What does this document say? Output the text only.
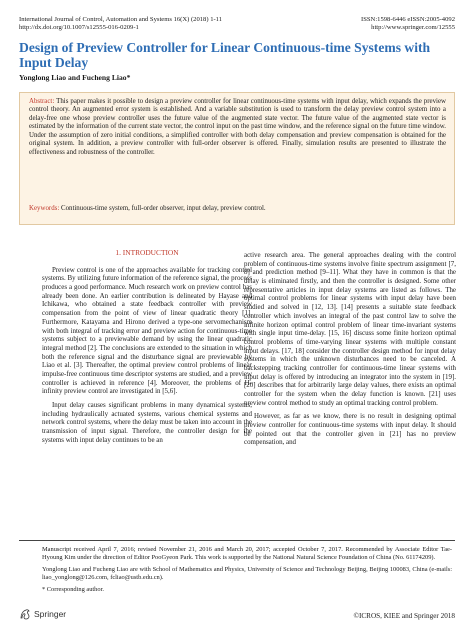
International Journal of Control, Automation and Systems 16(X) (2018) 1-11
http://dx.doi.org/10.1007/s12555-016-0209-1
ISSN:1598-6446 eISSN:2005-4092
http://www.springer.com/12555
Design of Preview Controller for Linear Continuous-time Systems with Input Delay
Yonglong Liao and Fucheng Liao*

Abstract: This paper makes it possible to design a preview controller for linear continuous-time systems with input delay, which expands the preview control theory. An augmented error system is established. And a variable substitution is used to transform the delay preview control system into a delay-free one whose preview controller uses the future value of the augmented state vector. The future value of the augmented state vector is estimated by the information of the current state vector, the control input on the past time window, and the reference signal on the future time window. Under the assumption of zero initial conditions, a simplified controller with both delay compensation and preview compensation is obtained for the original system. In addition, a preview controller with full-order observer is offered. Finally, simulation results are presented to illustrate the effectiveness and robustness of the controller.

Keywords: Continuous-time system, full-order observer, input delay, preview control.

1. INTRODUCTION

Preview control is one of the approaches available for tracking control systems. By utilizing future information of the reference signal, the process produces a good performance. Much research work on preview control has already been done. An earlier contribution is delineated by Hayase and Ichikawa, who obtained a state feedback controller with preview compensation from the point of view of linear quadratic theory [1]. Furthermore, Katayama and Hirono derived a type-one servomechanism with both integral of tracking error and preview action for continuous-time systems subject to a previewable demand by using the linear quadratic integral method [2]. The conclusions are extended to the situation in which both the reference signal and the disturbance signal are previewable by Liao et al. [3]. Thereafter, the optimal preview control problems of linear impulse-free continuous time descriptor systems are studied, and a preview controller is achieved in reference [4]. Moreover, the problems of H-infinity preview control are investigated in [5,6].

Input delay causes significant problems in many dynamical systems, including hydraulically actuated systems, various chemical systems and network control systems, where the delay must be taken into account in the transmission of input signal. Therefore, the controller design for the systems with input delay continues to be an

active research area. The general approaches dealing with the control problem of continuous-time systems involve finite spectrum assignment [7, 8] and prediction method [9–11]. What they have in common is that the delay is eliminated firstly, and then the controller is designed. Some other representative articles in input delay systems are listed as follows. The optimal control problems for linear systems with input delay have been studied and solved in [12, 13]. [14] presents a suitable state feedback controller which involves an integral of the past control law to solve the infinite horizon optimal control problem of linear time-invariant systems with single input time-delay. [15, 16] discuss some finite horizon optimal control problems of time-varying linear systems with multiple constant input delays. [17, 18] consider the controller design method for input delay systems in which the unknown disturbances need to be canceled. A backstepping tracking controller for continuous-time linear systems with input delay is offered by introducing an integrator into the system in [19]. [20] describes that for arbitrarily large delay values, there exists an optimal controller for the system when the delay function is known. [21] uses preview control method to study an optimal tracking control problem.

However, as far as we know, there is no result in designing optimal preview controller for continuous-time systems with input delay. It should be pointed out that the controller given in [21] has no preview compensation, and

Manuscript received April 7, 2016; revised November 21, 2016 and March 20, 2017; accepted October 7, 2017. Recommended by Associate Editor Tae-Hyoung Kim under the direction of Editor PooGyeon Park. This work is supported by the National Natural Science Foundation of China (No. 61174209).

Yonglong Liao and Fucheng Liao are with School of Mathematics and Physics, University of Science and Technology Beijing, Beijing 100083, China (e-mails: liao_yonglong@126.com, fcliao@ustb.edu.cn).

* Corresponding author.

Springer	©ICROS, KIEE and Springer 2018
